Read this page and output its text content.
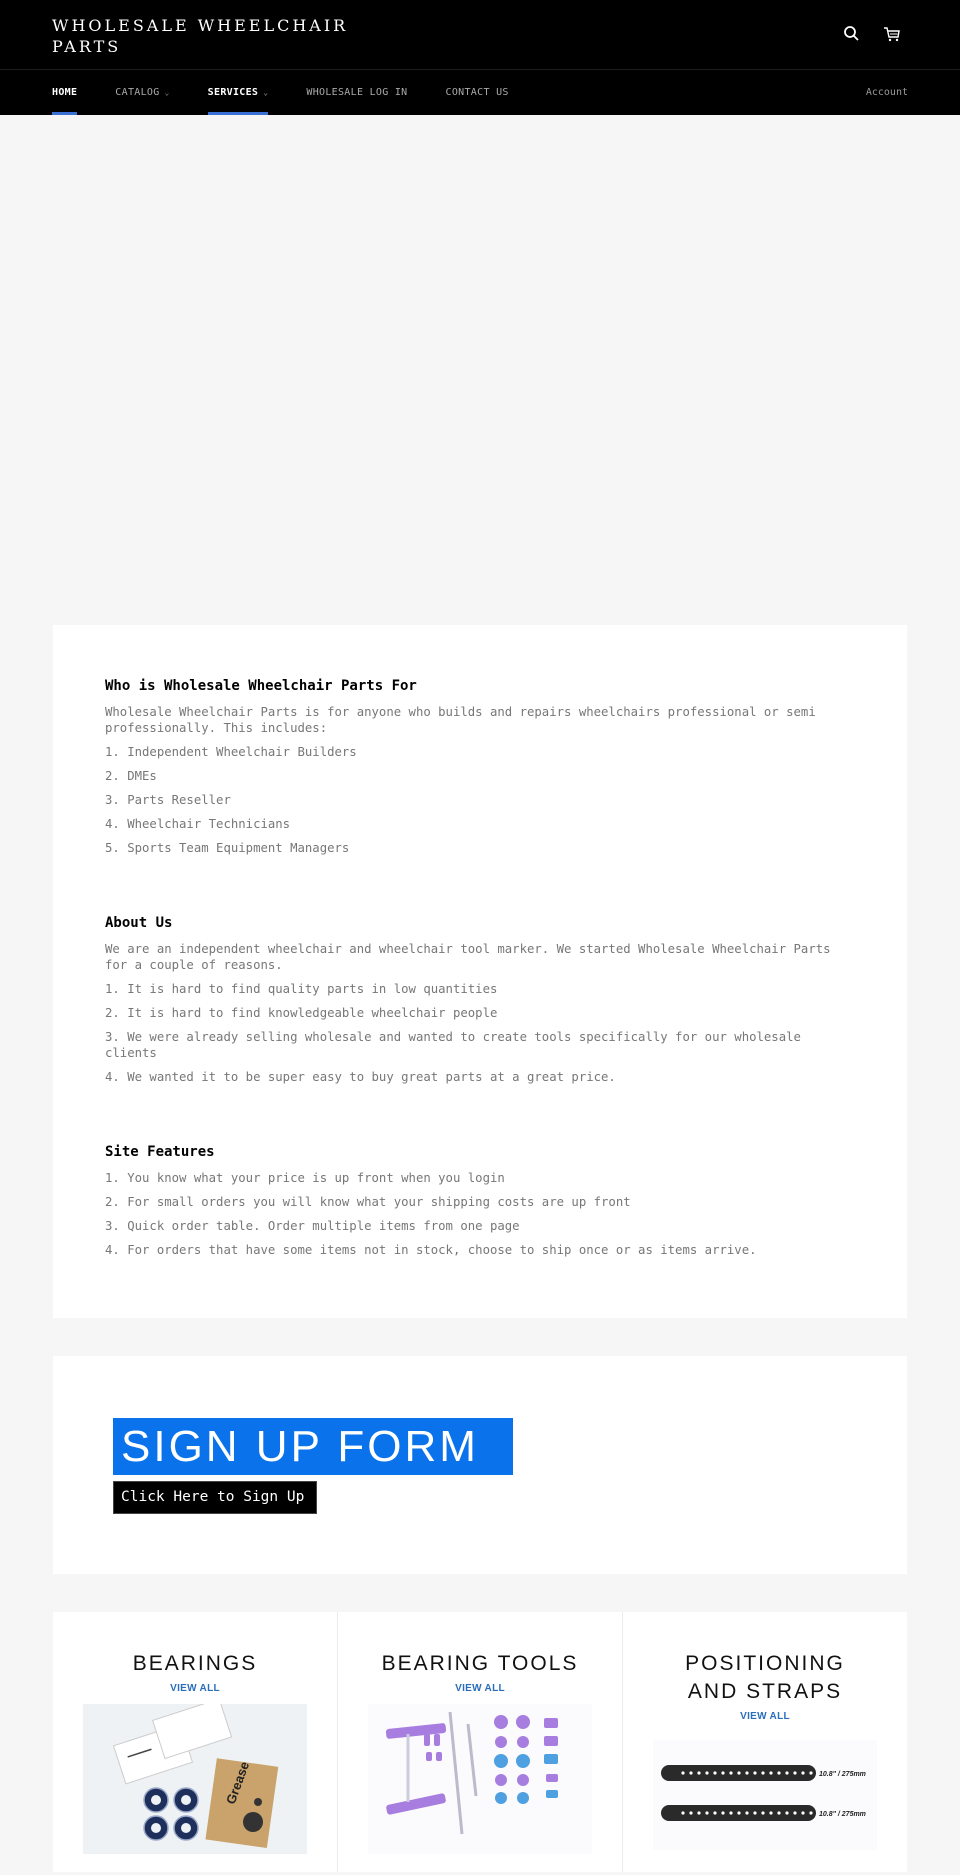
WHOLESALE WHEELCHAIR
PARTS
HOME	CATALOG ⌄	SERVICES ⌄	WHOLESALE LOG IN	CONTACT US	Account
Who is Wholesale Wheelchair Parts For

Wholesale Wheelchair Parts is for anyone who builds and repairs wheelchairs professional or semi professionally. This includes:

1. Independent Wheelchair Builders

2. DMEs

3. Parts Reseller

4. Wheelchair Technicians

5. Sports Team Equipment Managers

About Us

We are an independent wheelchair and wheelchair tool marker. We started Wholesale Wheelchair Parts for a couple of reasons.

1. It is hard to find quality parts in low quantities

2. It is hard to find knowledgeable wheelchair people

3. We were already selling wholesale and wanted to create tools specifically for our wholesale clients

4. We wanted it to be super easy to buy great parts at a great price.

Site Features

1. You know what your price is up front when you login

2. For small orders you will know what your shipping costs are up front

3. Quick order table. Order multiple items from one page

4. For orders that have some items not in stock, choose to ship once or as items arrive.

SIGN UP FORM
Click Here to Sign Up
BEARINGS
VIEW ALL
Grease
BEARING TOOLS
VIEW ALL
POSITIONING AND STRAPS
VIEW ALL
10.8" / 275mm
10.8" / 275mm
